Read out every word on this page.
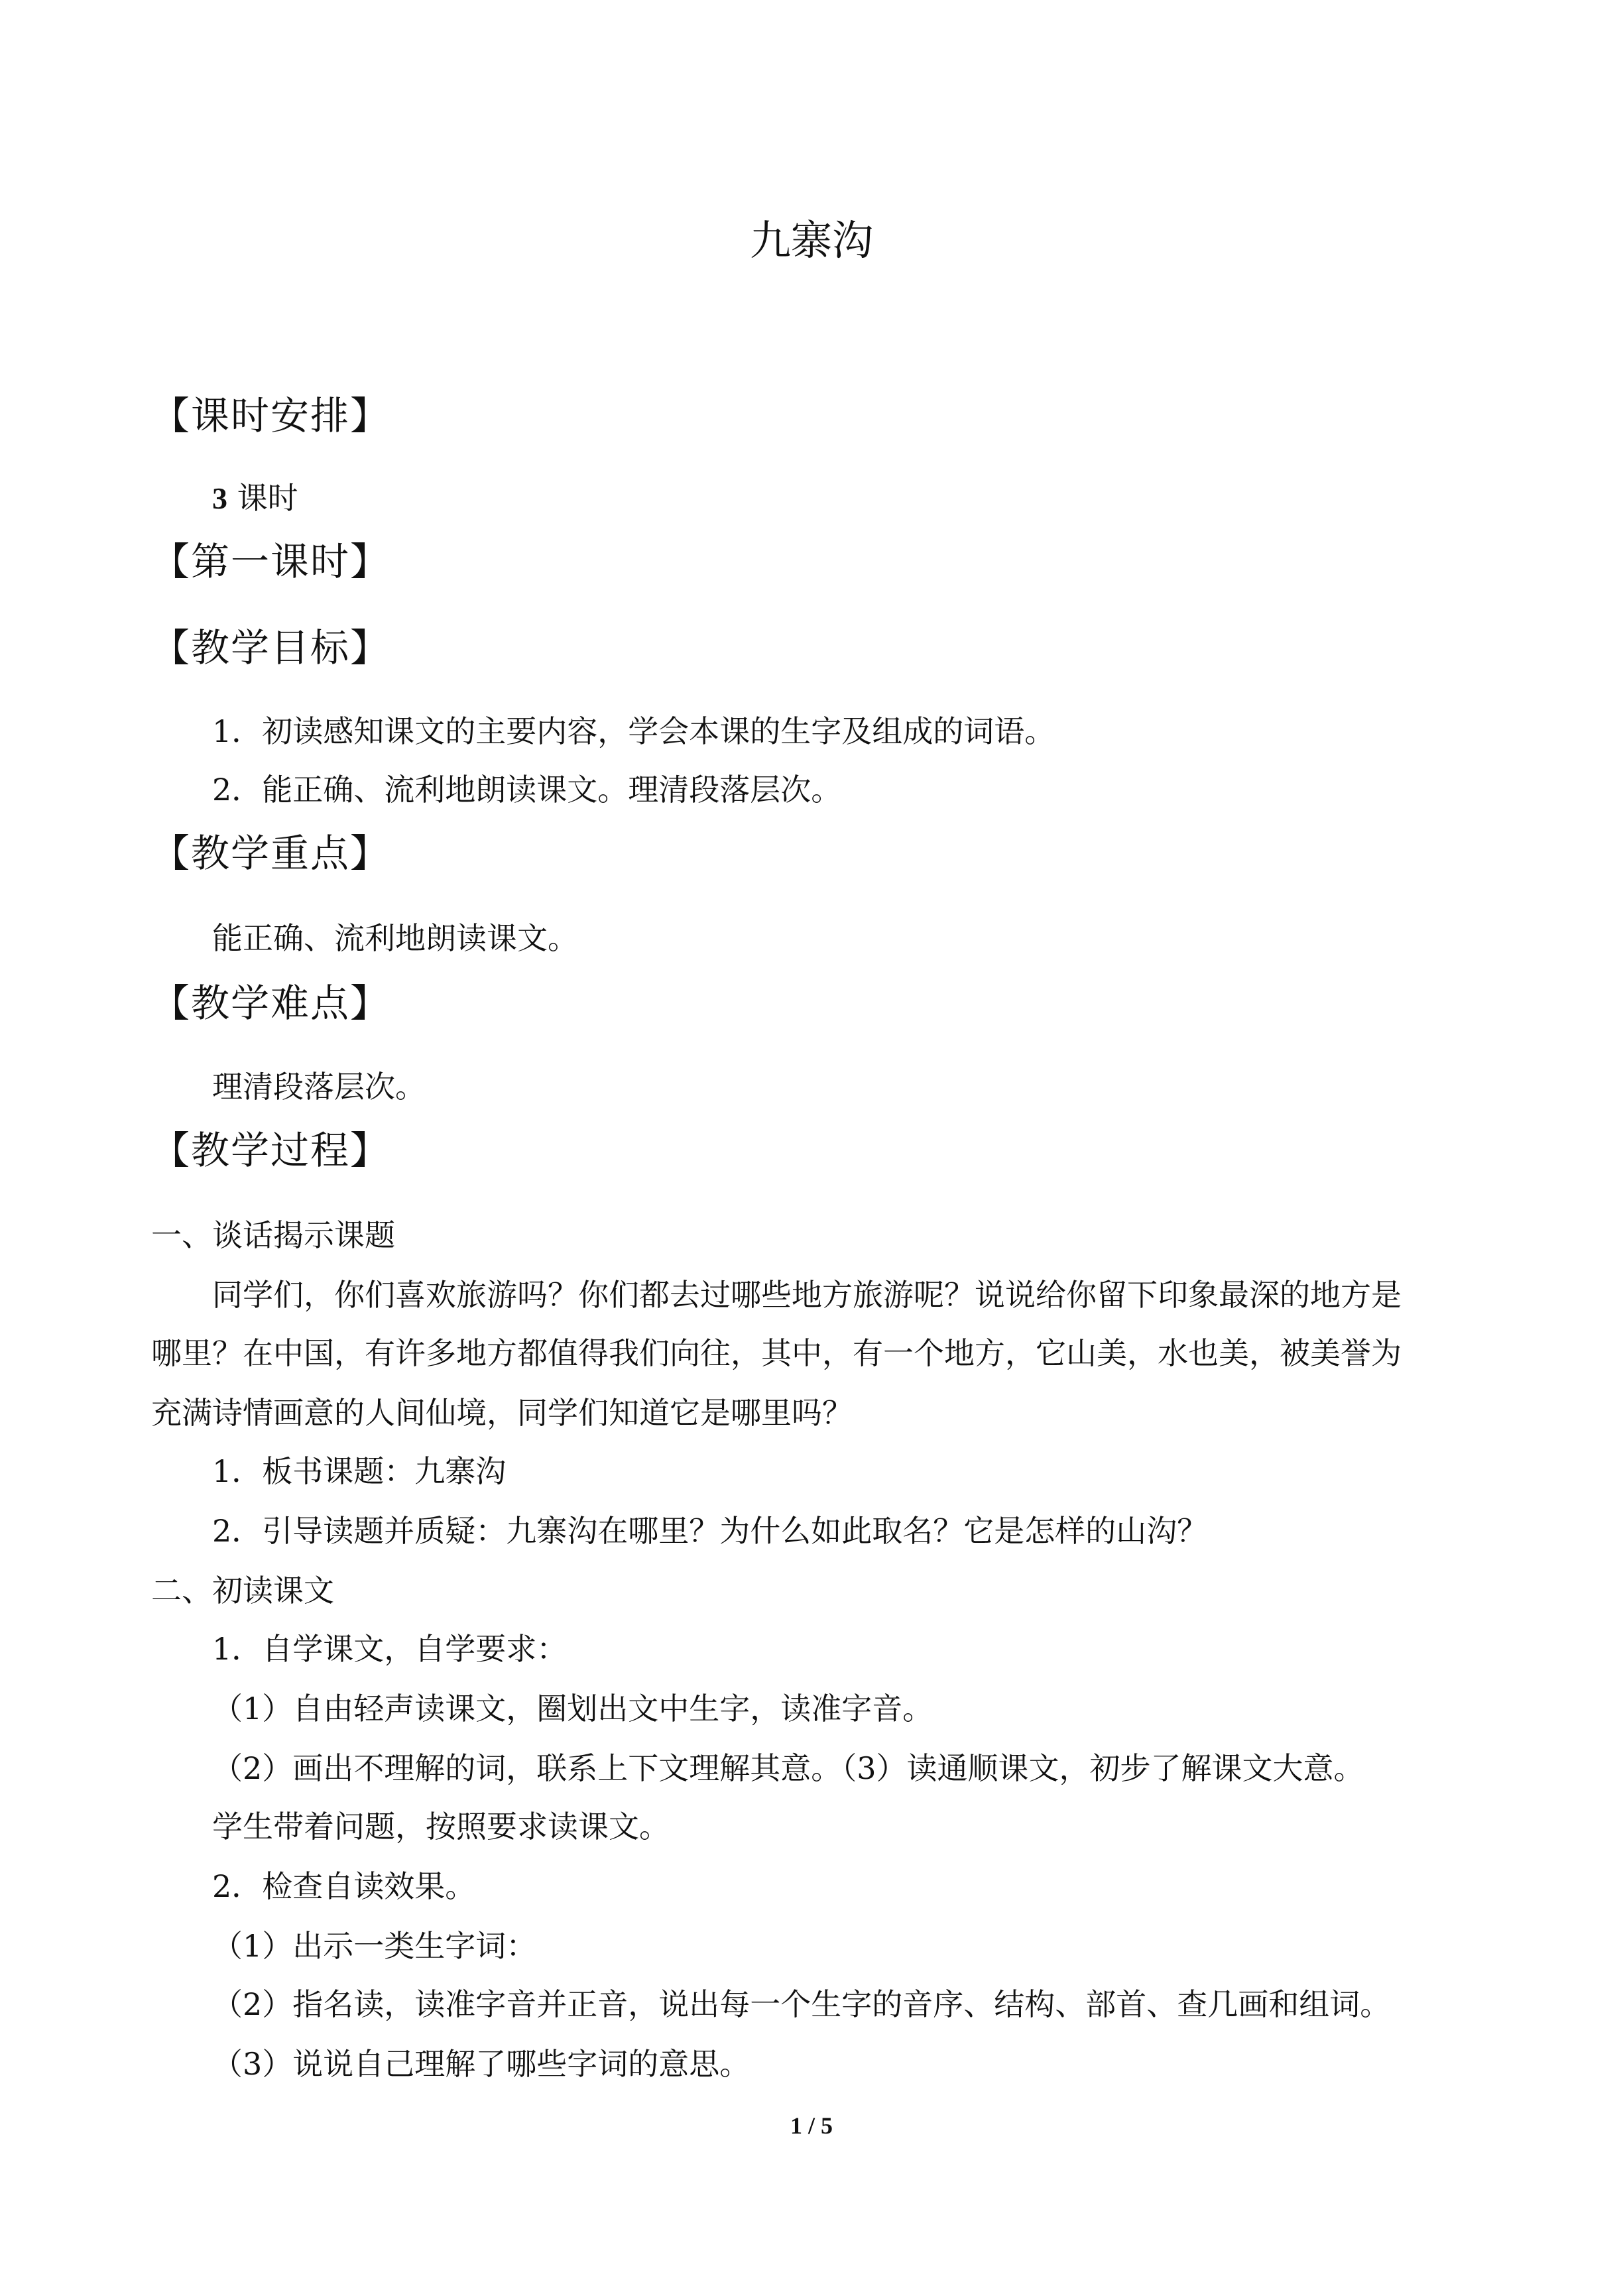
九寨沟
【课时安排】
3 课时
【第一课时】
【教学目标】
1．初读感知课文的主要内容，学会本课的生字及组成的词语。
2．能正确、流利地朗读课文。理清段落层次。
【教学重点】
能正确、流利地朗读课文。
【教学难点】
理清段落层次。
【教学过程】
一、谈话揭示课题
同学们，你们喜欢旅游吗？你们都去过哪些地方旅游呢？说说给你留下印象最深的地方是
哪里？在中国，有许多地方都值得我们向往，其中，有一个地方，它山美，水也美，被美誉为
充满诗情画意的人间仙境，同学们知道它是哪里吗？
1．板书课题：九寨沟
2．引导读题并质疑：九寨沟在哪里？为什么如此取名？它是怎样的山沟？
二、初读课文
1．自学课文，自学要求：
（1）自由轻声读课文，圈划出文中生字，读准字音。
（2）画出不理解的词，联系上下文理解其意。（3）读通顺课文，初步了解课文大意。
学生带着问题，按照要求读课文。
2．检查自读效果。
（1）出示一类生字词：
（2）指名读，读准字音并正音，说出每一个生字的音序、结构、部首、查几画和组词。
（3）说说自己理解了哪些字词的意思。
1 / 5
